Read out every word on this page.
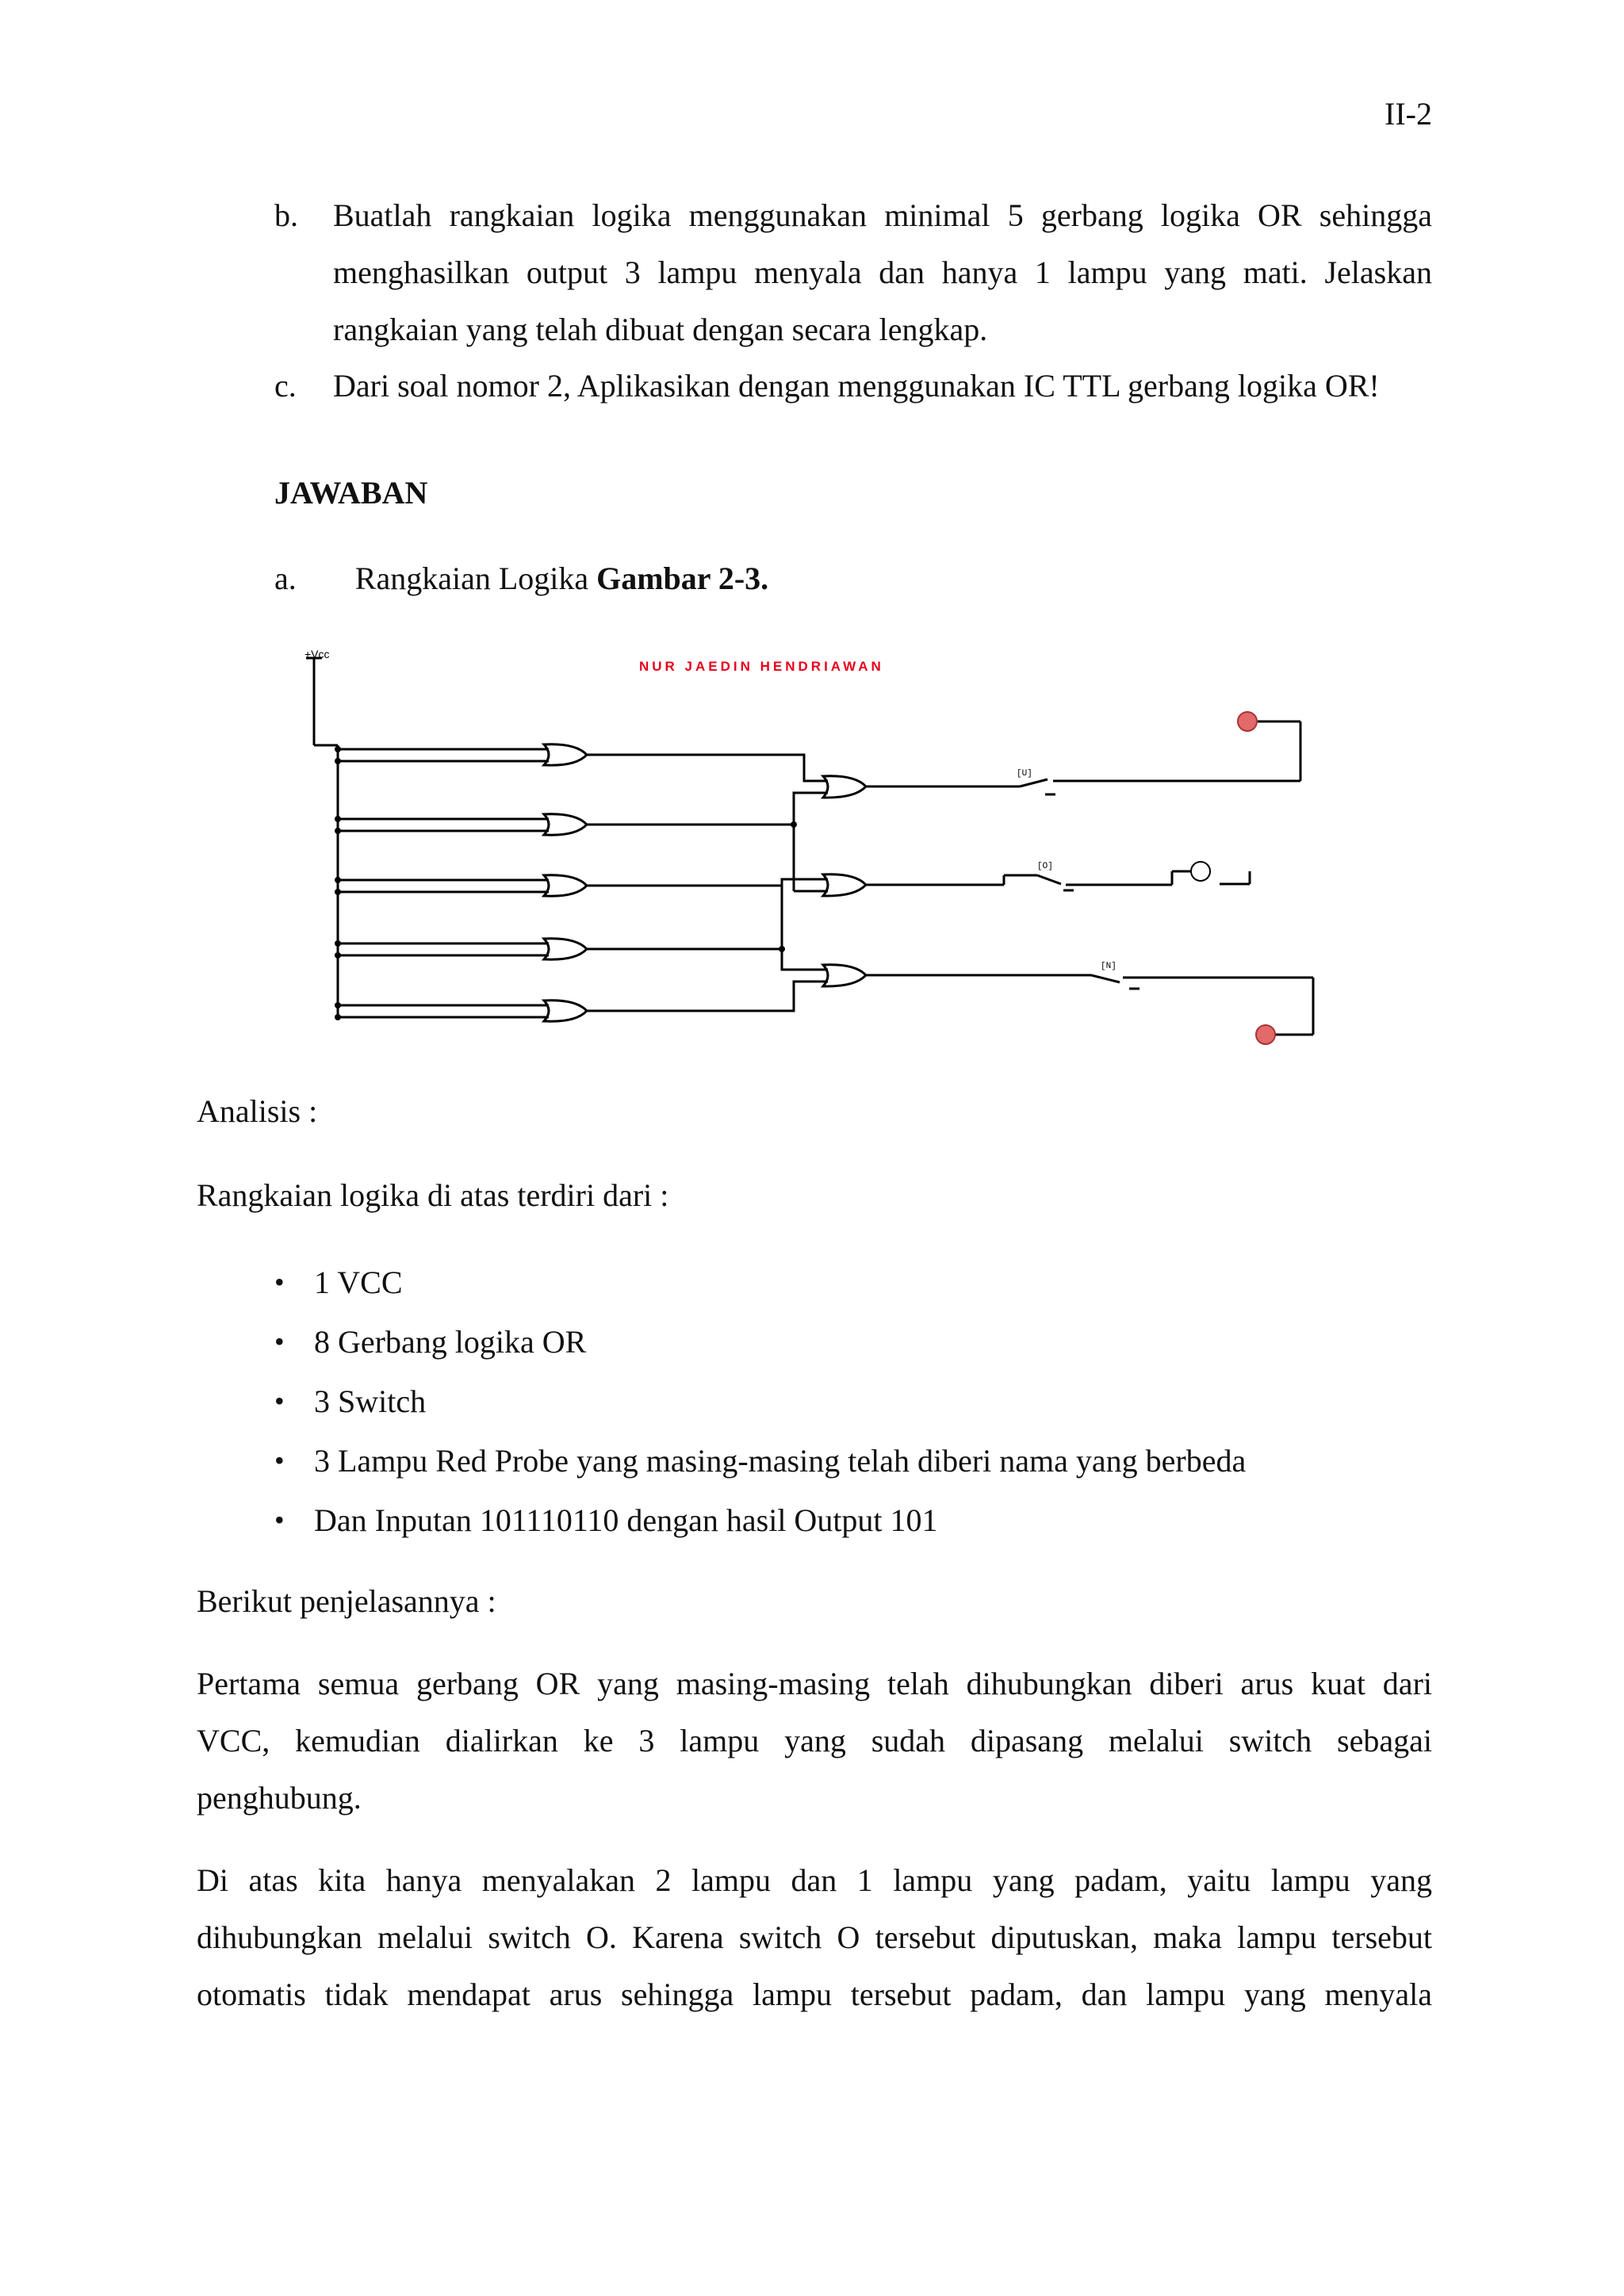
II-2
b. Buatlah rangkaian logika menggunakan minimal 5 gerbang logika OR sehingga
menghasilkan output 3 lampu menyala dan hanya 1 lampu yang mati. Jelaskan
rangkaian yang telah dibuat dengan secara lengkap.
c. Dari soal nomor 2, Aplikasikan dengan menggunakan IC TTL gerbang logika OR!
JAWABAN
a. Rangkaian Logika Gambar 2-3.
+Vcc
NUR JAEDIN HENDRIAWAN
[U]
[O]
[N]
Analisis :
Rangkaian logika di atas terdiri dari :
• 1 VCC
• 8 Gerbang logika OR
• 3 Switch
• 3 Lampu Red Probe yang masing-masing telah diberi nama yang berbeda
• Dan Inputan 101110110 dengan hasil Output 101
Berikut penjelasannya :
Pertama semua gerbang OR yang masing-masing telah dihubungkan diberi arus kuat dari
VCC, kemudian dialirkan ke 3 lampu yang sudah dipasang melalui switch sebagai
penghubung.
Di atas kita hanya menyalakan 2 lampu dan 1 lampu yang padam, yaitu lampu yang
dihubungkan melalui switch O. Karena switch O tersebut diputuskan, maka lampu tersebut
otomatis tidak mendapat arus sehingga lampu tersebut padam, dan lampu yang menyala
